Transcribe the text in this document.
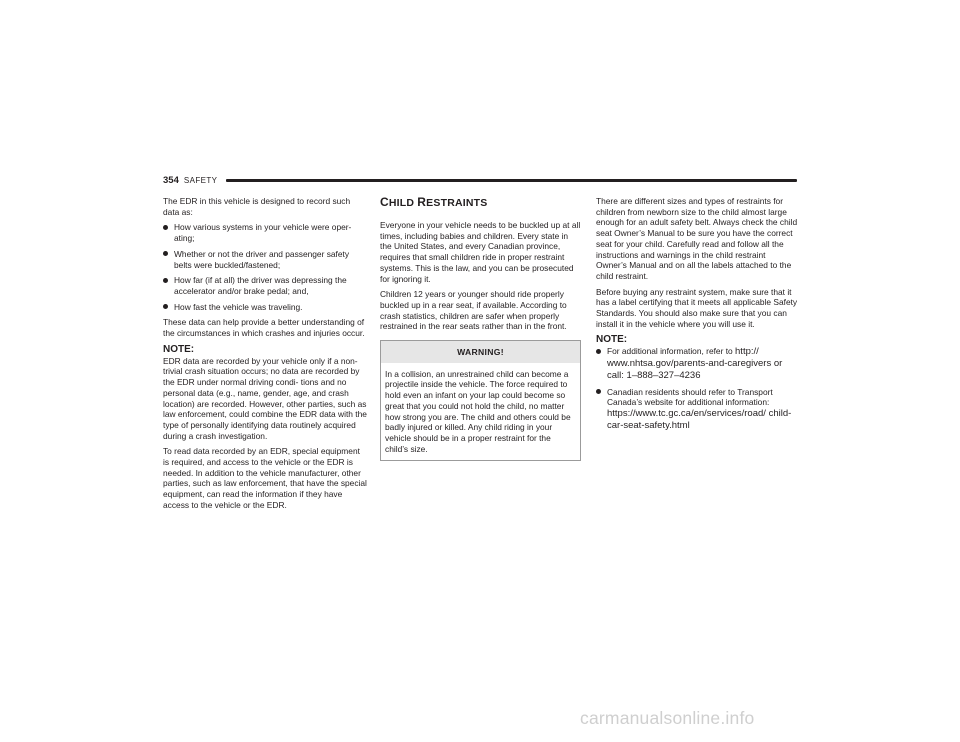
354 SAFETY

The EDR in this vehicle is designed to record such data as:

How various systems in your vehicle were oper- ating;
Whether or not the driver and passenger safety belts were buckled/fastened;
How far (if at all) the driver was depressing the accelerator and/or brake pedal; and,
How fast the vehicle was traveling.

These data can help provide a better understanding of the circumstances in which crashes and injuries occur.

NOTE:

EDR data are recorded by your vehicle only if a non-trivial crash situation occurs; no data are recorded by the EDR under normal driving condi- tions and no personal data (e.g., name, gender, age, and crash location) are recorded. However, other parties, such as law enforcement, could combine the EDR data with the type of personally identifying data routinely acquired during a crash investigation.

To read data recorded by an EDR, special equipment is required, and access to the vehicle or the EDR is needed. In addition to the vehicle manufacturer, other parties, such as law enforcement, that have the special equipment, can read the information if they have access to the vehicle or the EDR.

CHILD RESTRAINTS

Everyone in your vehicle needs to be buckled up at all times, including babies and children. Every state in the United States, and every Canadian province, requires that small children ride in proper restraint systems. This is the law, and you can be prosecuted for ignoring it.

Children 12 years or younger should ride properly buckled up in a rear seat, if available. According to crash statistics, children are safer when properly restrained in the rear seats rather than in the front.

WARNING!
In a collision, an unrestrained child can become a projectile inside the vehicle. The force required to hold even an infant on your lap could become so great that you could not hold the child, no matter how strong you are. The child and others could be badly injured or killed. Any child riding in your vehicle should be in a proper restraint for the child’s size.

There are different sizes and types of restraints for children from newborn size to the child almost large enough for an adult safety belt. Always check the child seat Owner’s Manual to be sure you have the correct seat for your child. Carefully read and follow all the instructions and warnings in the child restraint Owner’s Manual and on all the labels attached to the child restraint.

Before buying any restraint system, make sure that it has a label certifying that it meets all applicable Safety Standards. You should also make sure that you can install it in the vehicle where you will use it.

NOTE:
For additional information, refer to http:// www.nhtsa.gov/parents-and-caregivers or call: 1–888–327–4236
Canadian residents should refer to Transport Canada’s website for additional information: https://www.tc.gc.ca/en/services/road/ child-car-seat-safety.html
carmanualsonline.info
